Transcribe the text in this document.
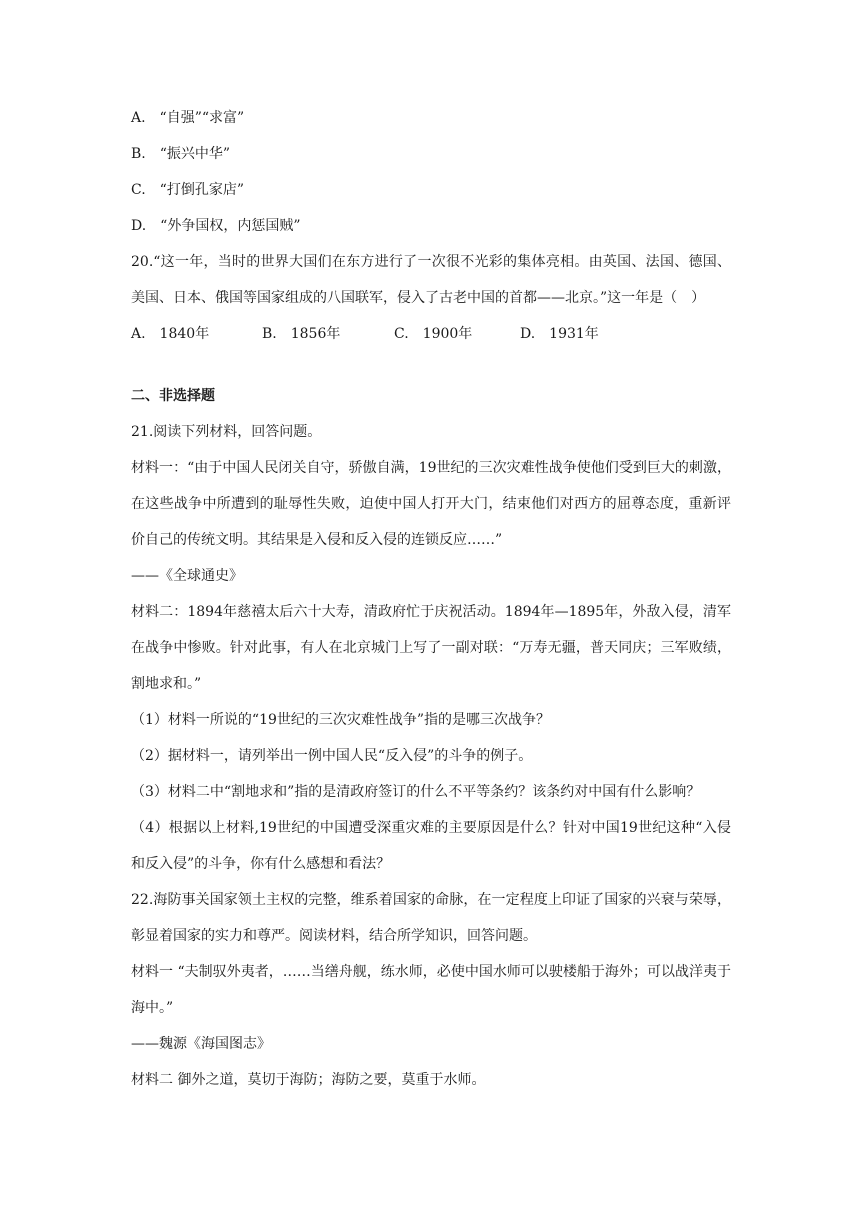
A.　“自强”“求富”
B.　“振兴中华”
C.　“打倒孔家店”
D.　“外争国权，内惩国贼”
20.“这一年，当时的世界大国们在东方进行了一次很不光彩的集体亮相。由英国、法国、德国、美国、日本、俄国等国家组成的八国联军，侵入了古老中国的首都——北京。”这一年是（　）
A.　1840年	B.　1856年	C.　1900年	D.　1931年
二、非选择题
21.阅读下列材料，回答问题。
材料一：“由于中国人民闭关自守，骄傲自满，19世纪的三次灾难性战争使他们受到巨大的刺激，在这些战争中所遭到的耻辱性失败，迫使中国人打开大门，结束他们对西方的屈尊态度，重新评价自己的传统文明。其结果是入侵和反入侵的连锁反应……”
——《全球通史》
材料二：1894年慈禧太后六十大寿，清政府忙于庆祝活动。1894年—1895年，外敌入侵，清军在战争中惨败。针对此事，有人在北京城门上写了一副对联：“万寿无疆，普天同庆；三军败绩，割地求和。”
（1）材料一所说的“19世纪的三次灾难性战争”指的是哪三次战争？
（2）据材料一，请列举出一例中国人民“反入侵”的斗争的例子。
（3）材料二中“割地求和”指的是清政府签订的什么不平等条约？该条约对中国有什么影响？
（4）根据以上材料,19世纪的中国遭受深重灾难的主要原因是什么？针对中国19世纪这种“入侵和反入侵”的斗争，你有什么感想和看法？
22.海防事关国家领土主权的完整，维系着国家的命脉，在一定程度上印证了国家的兴衰与荣辱，彰显着国家的实力和尊严。阅读材料，结合所学知识，回答问题。
材料一 “夫制驭外夷者，……当缮舟舰，练水师，必使中国水师可以驶楼船于海外；可以战洋夷于海中。”
——魏源《海国图志》
材料二 御外之道，莫切于海防；海防之要，莫重于水师。
